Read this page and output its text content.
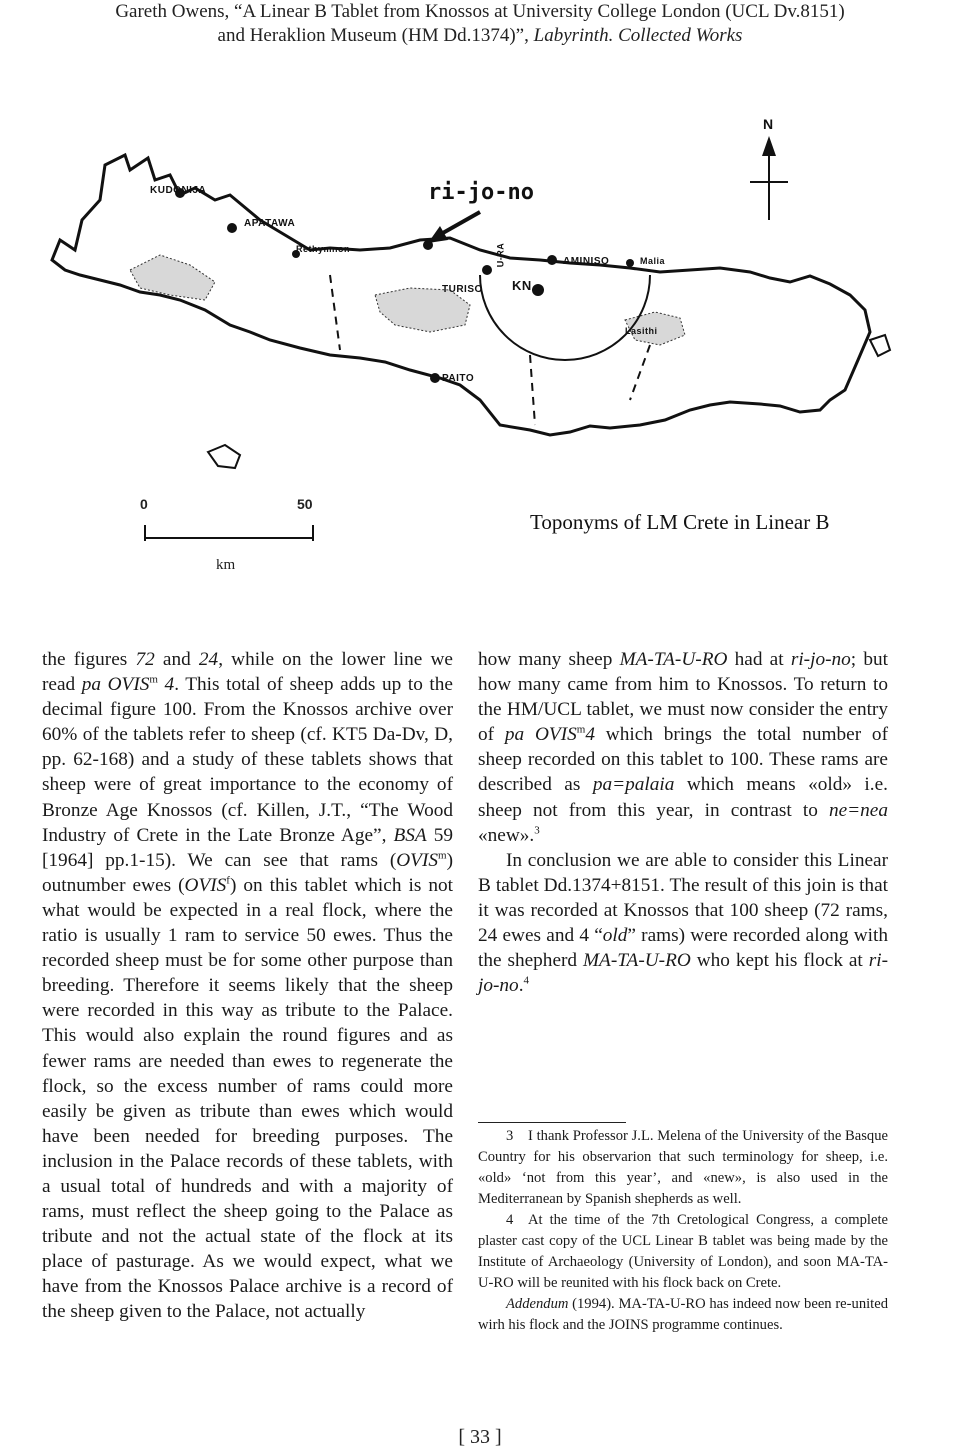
Gareth Owens, “A Linear B Tablet from Knossos at University College London (UCL Dv.8151)
and Heraklion Museum (HM Dd.1374)”, Labyrinth. Collected Works
KUDONIJA
APATAWA
Rethymnon
TURISO KN
AMINISO	Malia
Lasithi
PAITO
U-RA
ri-jo-no
N
0	50
km
Toponyms of LM Crete in Linear B

the figures 72 and 24, while on the lower line we read pa OVIS$^m$ 4. This total of sheep adds up to the decimal figure 100. From the Knossos archive over 60% of the tablets refer to sheep (cf. KT5 Da-Dv, D, pp. 62-168) and a study of these tablets shows that sheep were of great importance to the economy of Bronze Age Knossos (cf. Killen, J.T., “The Wood Industry of Crete in the Late Bronze Age”, BSA 59 [1964] pp.1-15). We can see that rams (OVIS$^m$) outnumber ewes (OVIS$^f$) on this tablet which is not what would be expected in a real flock, where the ratio is usually 1 ram to service 50 ewes. Thus the recorded sheep must be for some other purpose than breeding. Therefore it seems likely that the sheep were recorded in this way as tribute to the Palace. This would also explain the round figures and as fewer rams are needed than ewes to regenerate the flock, so the excess number of rams could more easily be given as tribute than ewes which would have been needed for breeding purposes. The inclusion in the Palace records of these tablets, with a usual total of hundreds and with a majority of rams, must reflect the sheep going to the Palace as tribute and not the actual state of the flock at its place of pasturage. As we would expect, what we have from the Knossos Palace archive is a record of the sheep given to the Palace, not actually

how many sheep MA-TA-U-RO had at ri-jo-no; but how many came from him to Knossos. To return to the HM/UCL tablet, we must now consider the entry of pa OVIS$^m$4 which brings the total number of sheep recorded on this tablet to 100. These rams are described as pa=palaia which means «old» i.e. sheep not from this year, in contrast to ne=nea «new».$^3$

In conclusion we are able to consider this Linear B tablet Dd.1374+8151. The result of this join is that it was recorded at Knossos that 100 sheep (72 rams, 24 ewes and 4 “old” rams) were recorded along with the shepherd MA-TA-U-RO who kept his flock at ri-jo-no.$^4$

3 I thank Professor J.L. Melena of the University of the Basque Country for his observarion that such terminology for sheep, i.e. «old» ‘not from this year’, and «new», is also used in the Mediterranean by Spanish shepherds as well.

4 At the time of the 7th Cretological Congress, a complete plaster cast copy of the UCL Linear B tablet was being made by the Institute of Archaeology (University of London), and soon MA-TA-U-RO will be reunited with his flock back on Crete.

Addendum (1994). MA-TA-U-RO has indeed now been re-united wirh his flock and the JOINS programme continues.

[ 33 ]
